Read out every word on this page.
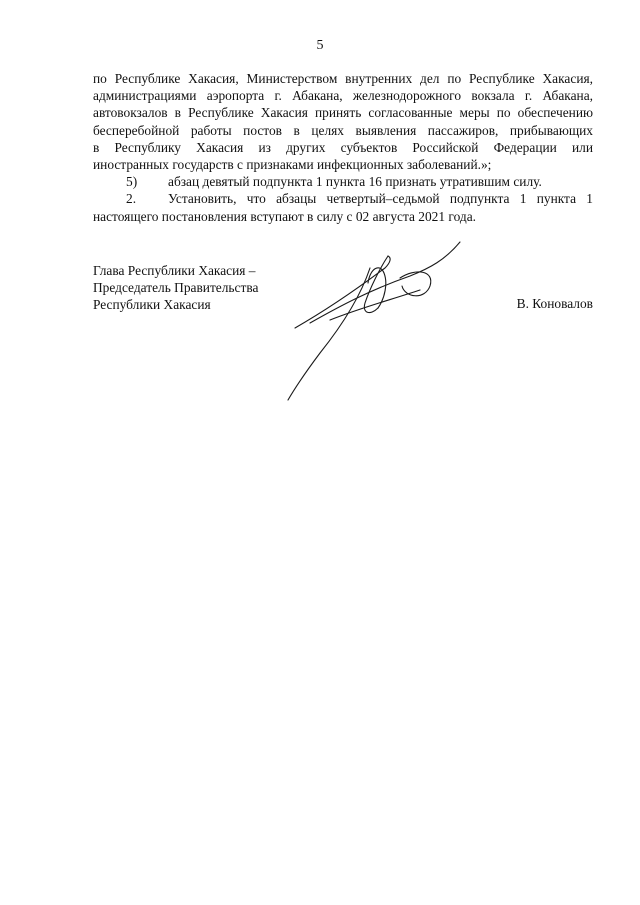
5

по Республике Хакасия, Министерством внутренних дел по Республике Хакасия,

администрациями аэропорта г. Абакана, железнодорожного вокзала г. Абакана,

автовокзалов в Республике Хакасия принять согласованные меры по обеспечению

бесперебойной работы постов в целях выявления пассажиров, прибывающих

в Республику Хакасия из других субъектов Российской Федерации или

иностранных государств с признаками инфекционных заболеваний.»;

5)	абзац девятый подпункта 1 пункта 16 признать утратившим силу.
2.	Установить, что абзацы четвертый–седьмой подпункта 1 пункта 1

настоящего постановления вступают в силу с 02 августа 2021 года.

Глава Республики Хакасия –
Председатель Правительства
Республики Хакасия	В. Коновалов
